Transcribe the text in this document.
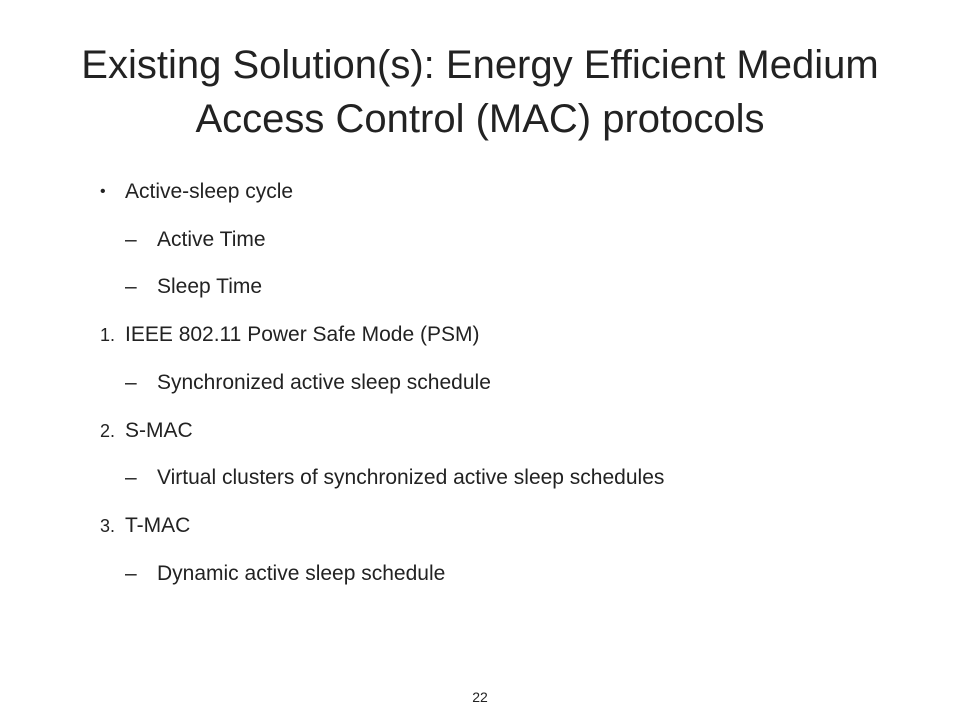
Existing Solution(s): Energy Efficient Medium
Access Control (MAC) protocols
• Active-sleep cycle
– Active Time
– Sleep Time
1. IEEE 802.11 Power Safe Mode (PSM)
– Synchronized active sleep schedule
2. S-MAC
– Virtual clusters of synchronized active sleep schedules
3. T-MAC
– Dynamic active sleep schedule
22
